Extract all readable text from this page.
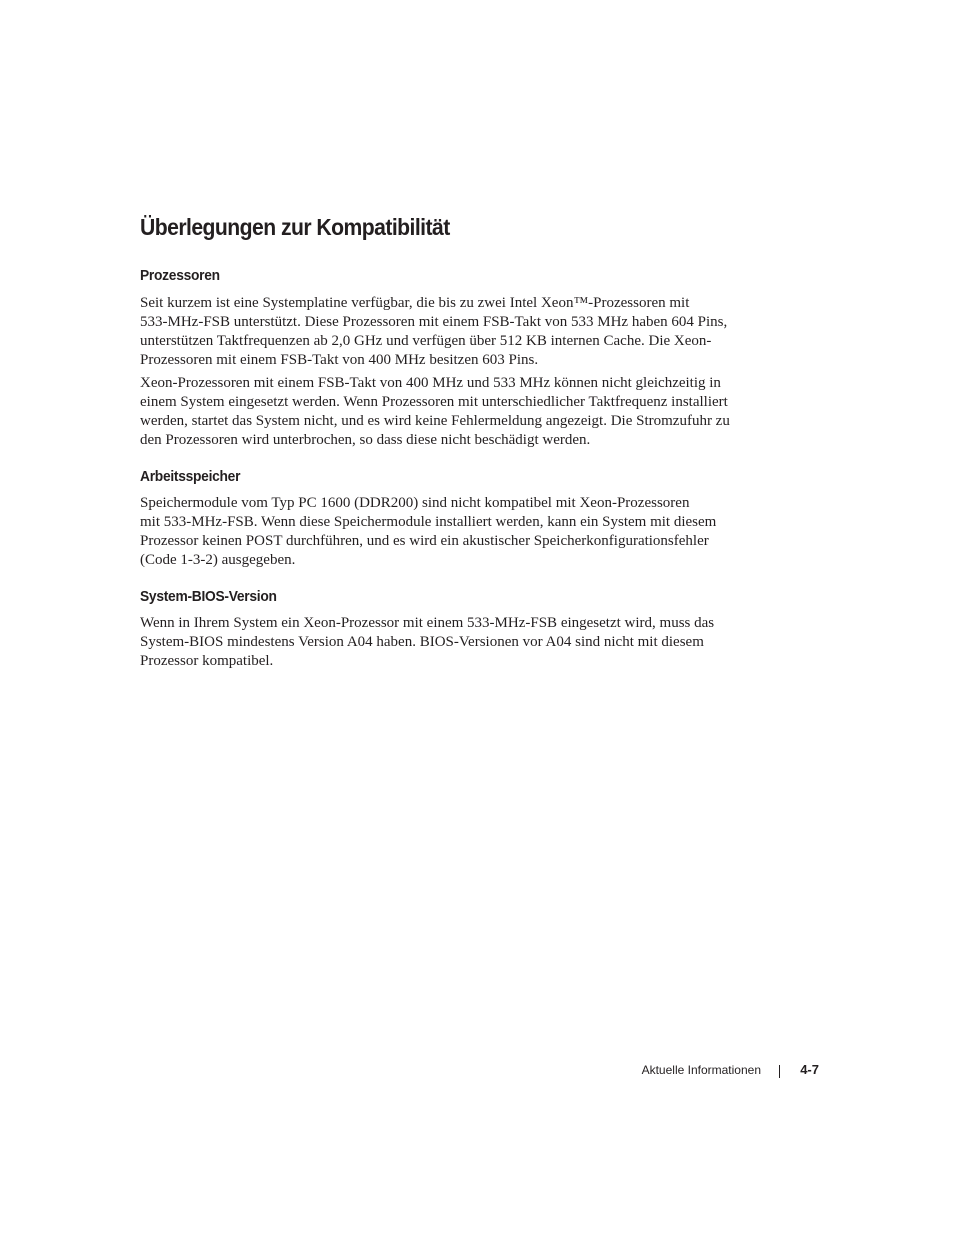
Überlegungen zur Kompatibilität
Prozessoren

Seit kurzem ist eine Systemplatine verfügbar, die bis zu zwei Intel Xeon™-Prozessoren mit
533-MHz-FSB unterstützt. Diese Prozessoren mit einem FSB-Takt von 533 MHz haben 604 Pins,
unterstützen Taktfrequenzen ab 2,0 GHz und verfügen über 512 KB internen Cache. Die Xeon-
Prozessoren mit einem FSB-Takt von 400 MHz besitzen 603 Pins.

Xeon-Prozessoren mit einem FSB-Takt von 400 MHz und 533 MHz können nicht gleichzeitig in
einem System eingesetzt werden. Wenn Prozessoren mit unterschiedlicher Taktfrequenz installiert
werden, startet das System nicht, und es wird keine Fehlermeldung angezeigt. Die Stromzufuhr zu
den Prozessoren wird unterbrochen, so dass diese nicht beschädigt werden.

Arbeitsspeicher

Speichermodule vom Typ PC 1600 (DDR200) sind nicht kompatibel mit Xeon-Prozessoren
mit 533-MHz-FSB. Wenn diese Speichermodule installiert werden, kann ein System mit diesem
Prozessor keinen POST durchführen, und es wird ein akustischer Speicherkonfigurationsfehler
(Code 1-3-2) ausgegeben.

System-BIOS-Version

Wenn in Ihrem System ein Xeon-Prozessor mit einem 533-MHz-FSB eingesetzt wird, muss das
System-BIOS mindestens Version A04 haben. BIOS-Versionen vor A04 sind nicht mit diesem
Prozessor kompatibel.

Aktuelle Informationen	4-7
